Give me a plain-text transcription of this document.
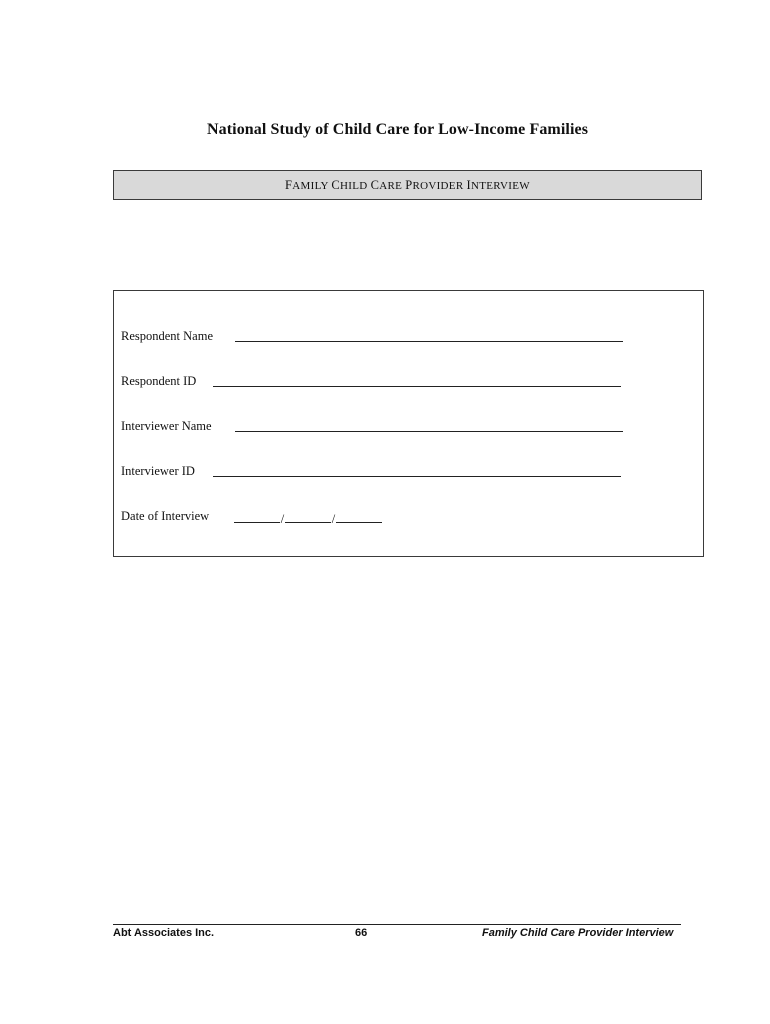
National Study of Child Care for Low-Income Families
FAMILY CHILD CARE PROVIDER INTERVIEW
Respondent Name
Respondent ID
Interviewer Name
Interviewer ID
Date of Interview	/	/
Abt Associates Inc.	66	Family Child Care Provider Interview
